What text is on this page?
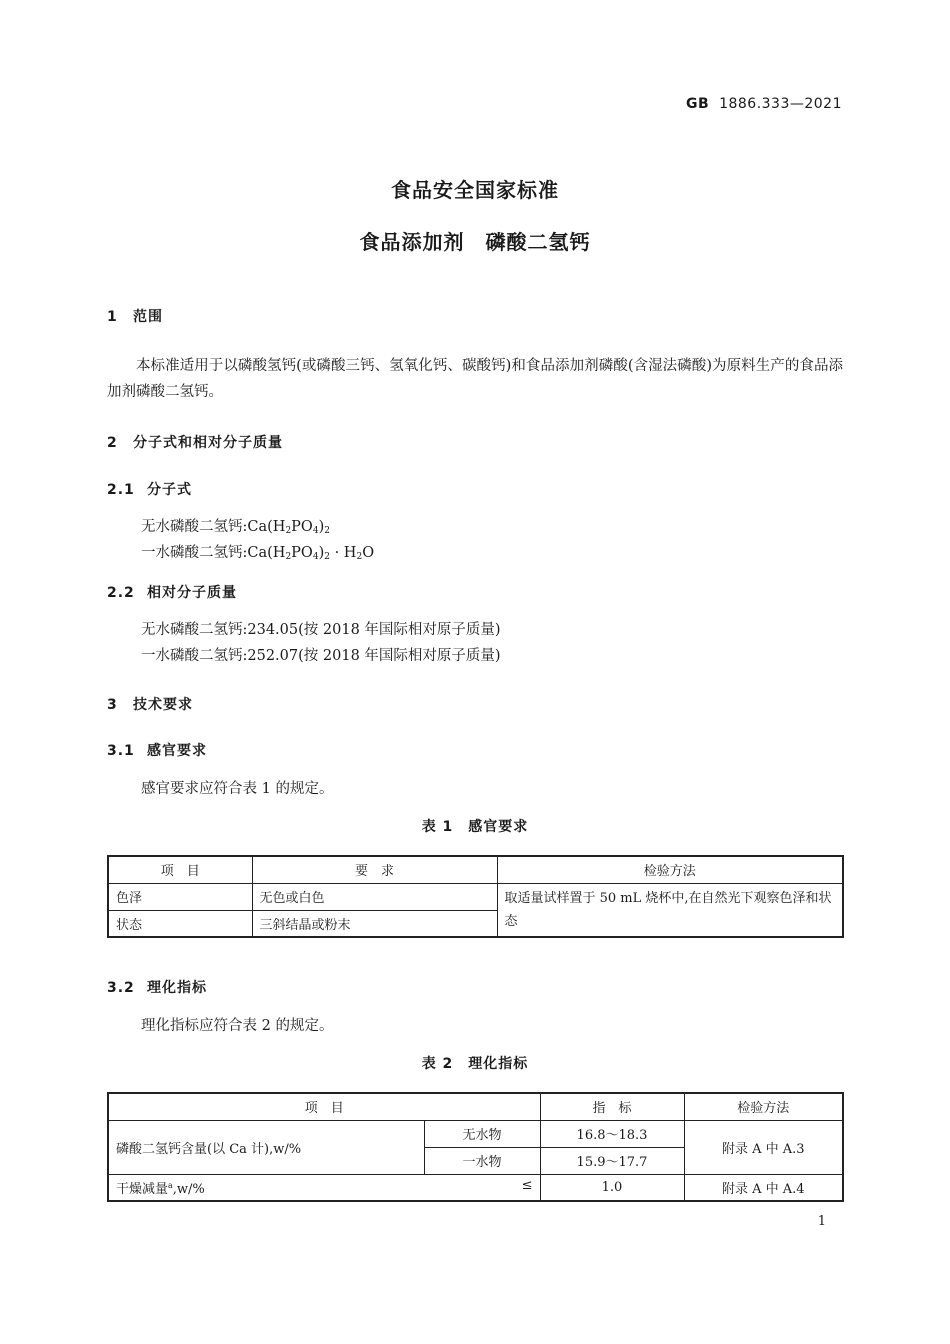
GB 1886.333—2021
食品安全国家标准
食品添加剂  磷酸二氢钙
1 范围
本标准适用于以磷酸氢钙(或磷酸三钙、氢氧化钙、碳酸钙)和食品添加剂磷酸(含湿法磷酸)为原料生产的食品添加剂磷酸二氢钙。
2 分子式和相对分子质量
2.1 分子式
无水磷酸二氢钙$:Ca(H_2PO_4)_2$
一水磷酸二氢钙$:Ca(H_2PO_4)_2 \cdot H_2O$
2.2 相对分子质量
无水磷酸二氢钙:234.05(按 2018 年国际相对原子质量)
一水磷酸二氢钙:252.07(按 2018 年国际相对原子质量)
3 技术要求
3.1 感官要求
感官要求应符合表 1 的规定。
表 1　感官要求
项　目	要　求	检验方法
色泽	无色或白色	取适量试样置于 50 mL 烧杯中,在自然光下观察色泽和状态
状态	三斜结晶或粉末	
3.2 理化指标
理化指标应符合表 2 的规定。
表 2　理化指标
项　目		指　标	检验方法
磷酸二氢钙含量(以 Ca 计),w/%	无水物	16.8～18.3	附录 A 中 A.3
	一水物	15.9～17.7	
干燥减量$^a$,w/% ≤		1.0	附录 A 中 A.4
1
